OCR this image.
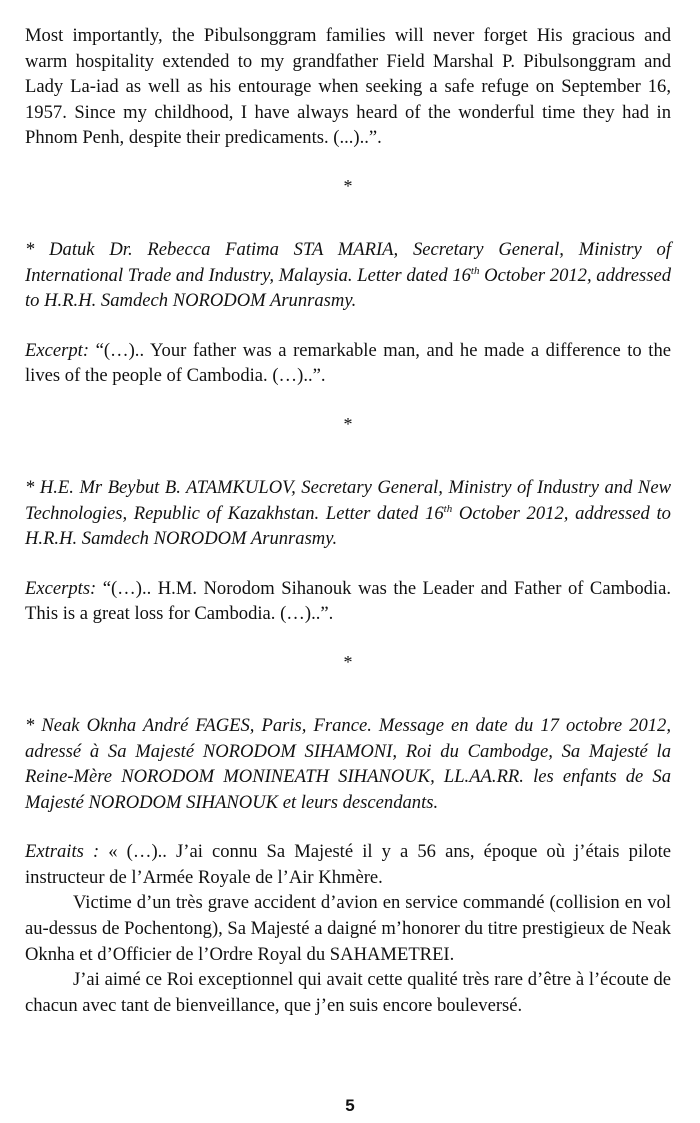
Most importantly, the Pibulsonggram families will never forget His gracious and warm hospitality extended to my grandfather Field Marshal P. Pibulsonggram and Lady La-iad as well as his entourage when seeking a safe refuge on September 16, 1957. Since my childhood, I have always heard of the wonderful time they had in Phnom Penh, despite their predicaments. (...)..”.

*

* Datuk Dr. Rebecca Fatima STA MARIA, Secretary General, Ministry of International Trade and Industry, Malaysia. Letter dated 16th October 2012, addressed to H.R.H. Samdech NORODOM Arunrasmy.

Excerpt: “(…).. Your father was a remarkable man, and he made a difference to the lives of the people of Cambodia. (…)..”.

*

* H.E. Mr Beybut B. ATAMKULOV, Secretary General, Ministry of Industry and New Technologies, Republic of Kazakhstan. Letter dated 16th October 2012, addressed to H.R.H. Samdech NORODOM Arunrasmy.

Excerpts: “(…).. H.M. Norodom Sihanouk was the Leader and Father of Cambodia. This is a great loss for Cambodia. (…)..”.

*

* Neak Oknha André FAGES, Paris, France. Message en date du 17 octobre 2012, adressé à Sa Majesté NORODOM SIHAMONI, Roi du Cambodge, Sa Majesté la Reine-Mère NORODOM MONINEATH SIHANOUK, LL.AA.RR. les enfants de Sa Majesté NORODOM SIHANOUK et leurs descendants.

Extraits : « (…).. J’ai connu Sa Majesté il y a 56 ans, époque où j’étais pilote instructeur de l’Armée Royale de l’Air Khmère.

Victime d’un très grave accident d’avion en service commandé (collision en vol au-dessus de Pochentong), Sa Majesté a daigné m’honorer du titre prestigieux de Neak Oknha et d’Officier de l’Ordre Royal du SAHAMETREI.

J’ai aimé ce Roi exceptionnel qui avait cette qualité très rare d’être à l’écoute de chacun avec tant de bienveillance, que j’en suis encore bouleversé.

5
